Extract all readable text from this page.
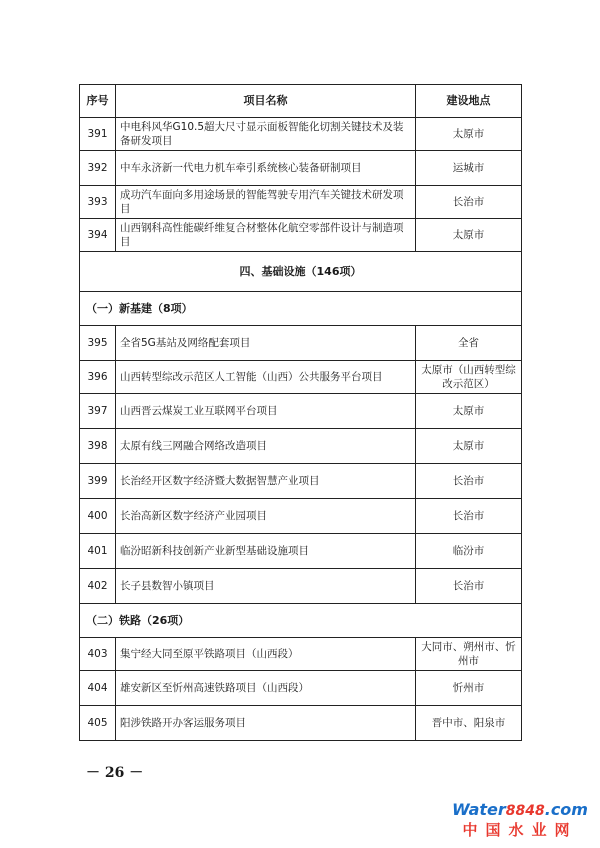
序号	项目名称	建设地点
391	中电科风华G10.5超大尺寸显示面板智能化切割关键技术及装备研发项目	太原市
392	中车永济新一代电力机车牵引系统核心装备研制项目	运城市
393	成功汽车面向多用途场景的智能驾驶专用汽车关键技术研发项目	长治市
394	山西钢科高性能碳纤维复合材整体化航空零部件设计与制造项目	太原市
四、基础设施（146项）		
（一）新基建（8项）		
395	全省5G基站及网络配套项目	全省
396	山西转型综改示范区人工智能（山西）公共服务平台项目	太原市（山西转型综改示范区）
397	山西晋云煤炭工业互联网平台项目	太原市
398	太原有线三网融合网络改造项目	太原市
399	长治经开区数字经济暨大数据智慧产业项目	长治市
400	长治高新区数字经济产业园项目	长治市
401	临汾昭新科技创新产业新型基础设施项目	临汾市
402	长子县数智小镇项目	长治市
（二）铁路（26项）		
403	集宁经大同至原平铁路项目（山西段）	大同市、朔州市、忻州市
404	雄安新区至忻州高速铁路项目（山西段）	忻州市
405	阳涉铁路开办客运服务项目	晋中市、阳泉市
－ 26 －
Water8848.com
中国水业网
